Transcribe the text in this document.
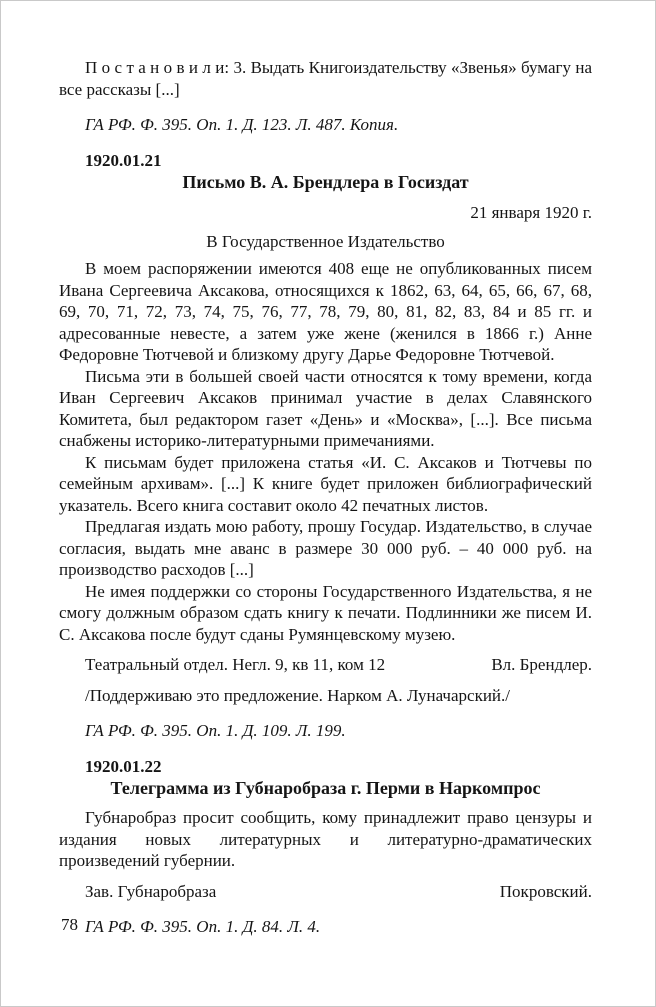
П о с т а н о в и л и: 3. Выдать Книгоиздательству «Звенья» бумагу на все рассказы [...]

ГА РФ. Ф. 395. Оп. 1. Д. 123. Л. 487. Копия.

1920.01.21

Письмо В. А. Брендлера в Госиздат

21 января 1920 г.

В Государственное Издательство

В моем распоряжении имеются 408 еще не опубликованных писем Ивана Сергеевича Аксакова, относящихся к 1862, 63, 64, 65, 66, 67, 68, 69, 70, 71, 72, 73, 74, 75, 76, 77, 78, 79, 80, 81, 82, 83, 84 и 85 гг. и адресованные невесте, а затем уже жене (женился в 1866 г.) Анне Федоровне Тютчевой и близкому другу Дарье Федоровне Тютчевой.

Письма эти в большей своей части относятся к тому времени, когда Иван Сергеевич Аксаков принимал участие в делах Славянского Комитета, был редактором газет «День» и «Москва», [...]. Все письма снабжены историко-литературными примечаниями.

К письмам будет приложена статья «И. С. Аксаков и Тютчевы по семейным архивам». [...] К книге будет приложен библиографический указатель. Всего книга составит около 42 печатных листов.

Предлагая издать мою работу, прошу Государ. Издательство, в случае согласия, выдать мне аванс в размере 30 000 руб. – 40 000 руб. на производство расходов [...]

Не имея поддержки со стороны Государственного Издательства, я не смогу должным образом сдать книгу к печати. Подлинники же писем И. С. Аксакова после будут сданы Румянцевскому музею.

Театральный отдел. Негл. 9, кв 11, ком 12	Вл. Брендлер.

/Поддерживаю это предложение. Нарком А. Луначарский./

ГА РФ. Ф. 395. Оп. 1. Д. 109. Л. 199.

1920.01.22

Телеграмма из Губнаробраза г. Перми в Наркомпрос

Губнаробраз просит сообщить, кому принадлежит право цензуры и издания новых литературных и литературно-драматических произведений губернии.

Зав. Губнаробраза	Покровский.

ГА РФ. Ф. 395. Оп. 1. Д. 84. Л. 4.

78
